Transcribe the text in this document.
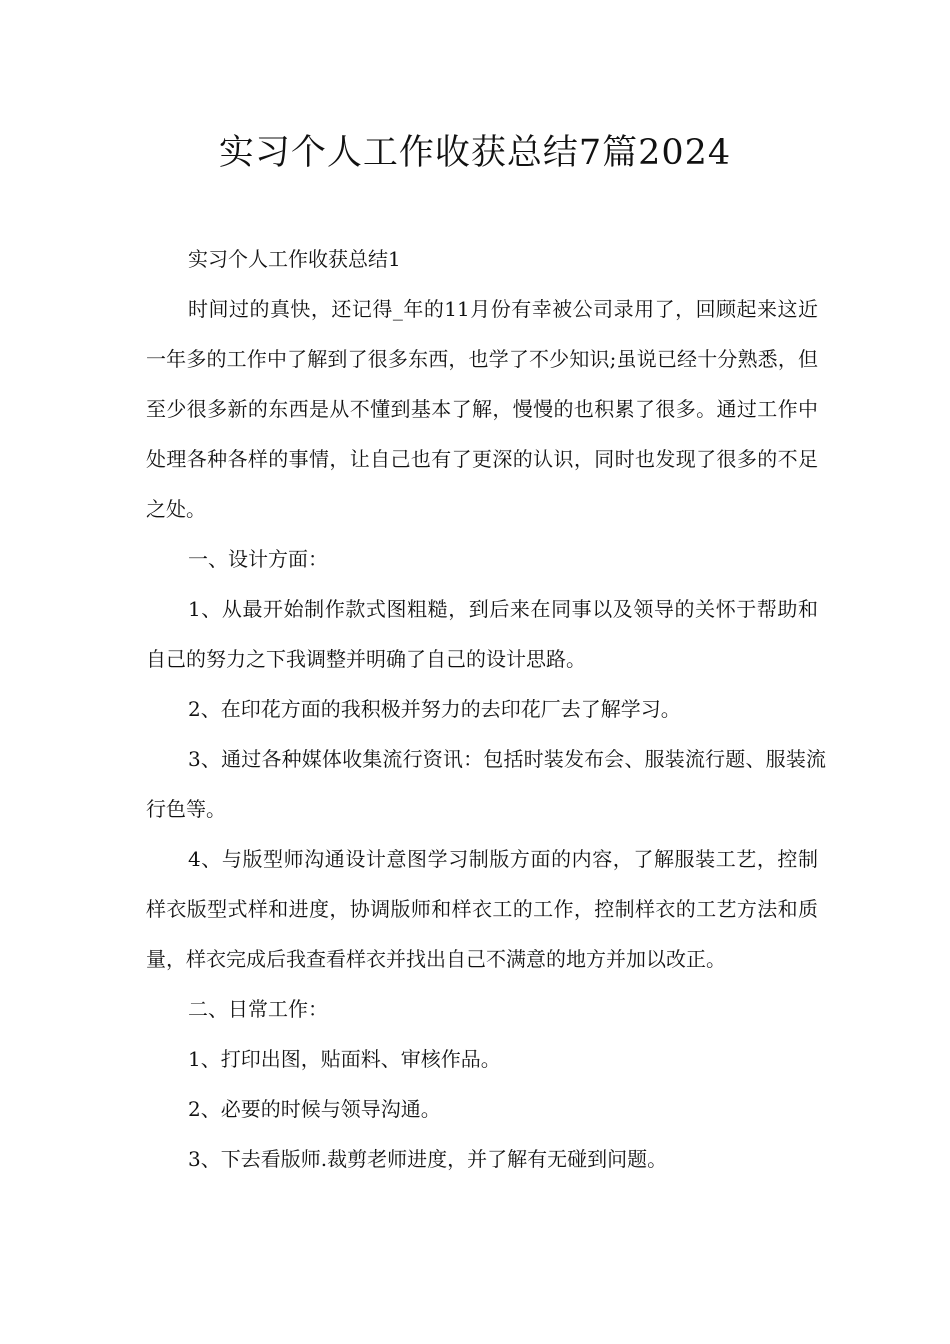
实习个人工作收获总结7篇2024

实习个人工作收获总结1

时间过的真快，还记得_年的11月份有幸被公司录用了，回顾起来这近一年多的工作中了解到了很多东西，也学了不少知识;虽说已经十分熟悉，但至少很多新的东西是从不懂到基本了解，慢慢的也积累了很多。通过工作中处理各种各样的事情，让自己也有了更深的认识，同时也发现了很多的不足之处。

一、设计方面：

1、从最开始制作款式图粗糙，到后来在同事以及领导的关怀于帮助和自己的努力之下我调整并明确了自己的设计思路。

2、在印花方面的我积极并努力的去印花厂去了解学习。

3、通过各种媒体收集流行资讯：包括时装发布会、服装流行题、服装流行色等。

4、与版型师沟通设计意图学习制版方面的内容，了解服装工艺，控制样衣版型式样和进度，协调版师和样衣工的工作，控制样衣的工艺方法和质量，样衣完成后我查看样衣并找出自己不满意的地方并加以改正。

二、日常工作：

1、打印出图，贴面料、审核作品。

2、必要的时候与领导沟通。

3、下去看版师.裁剪老师进度，并了解有无碰到问题。
